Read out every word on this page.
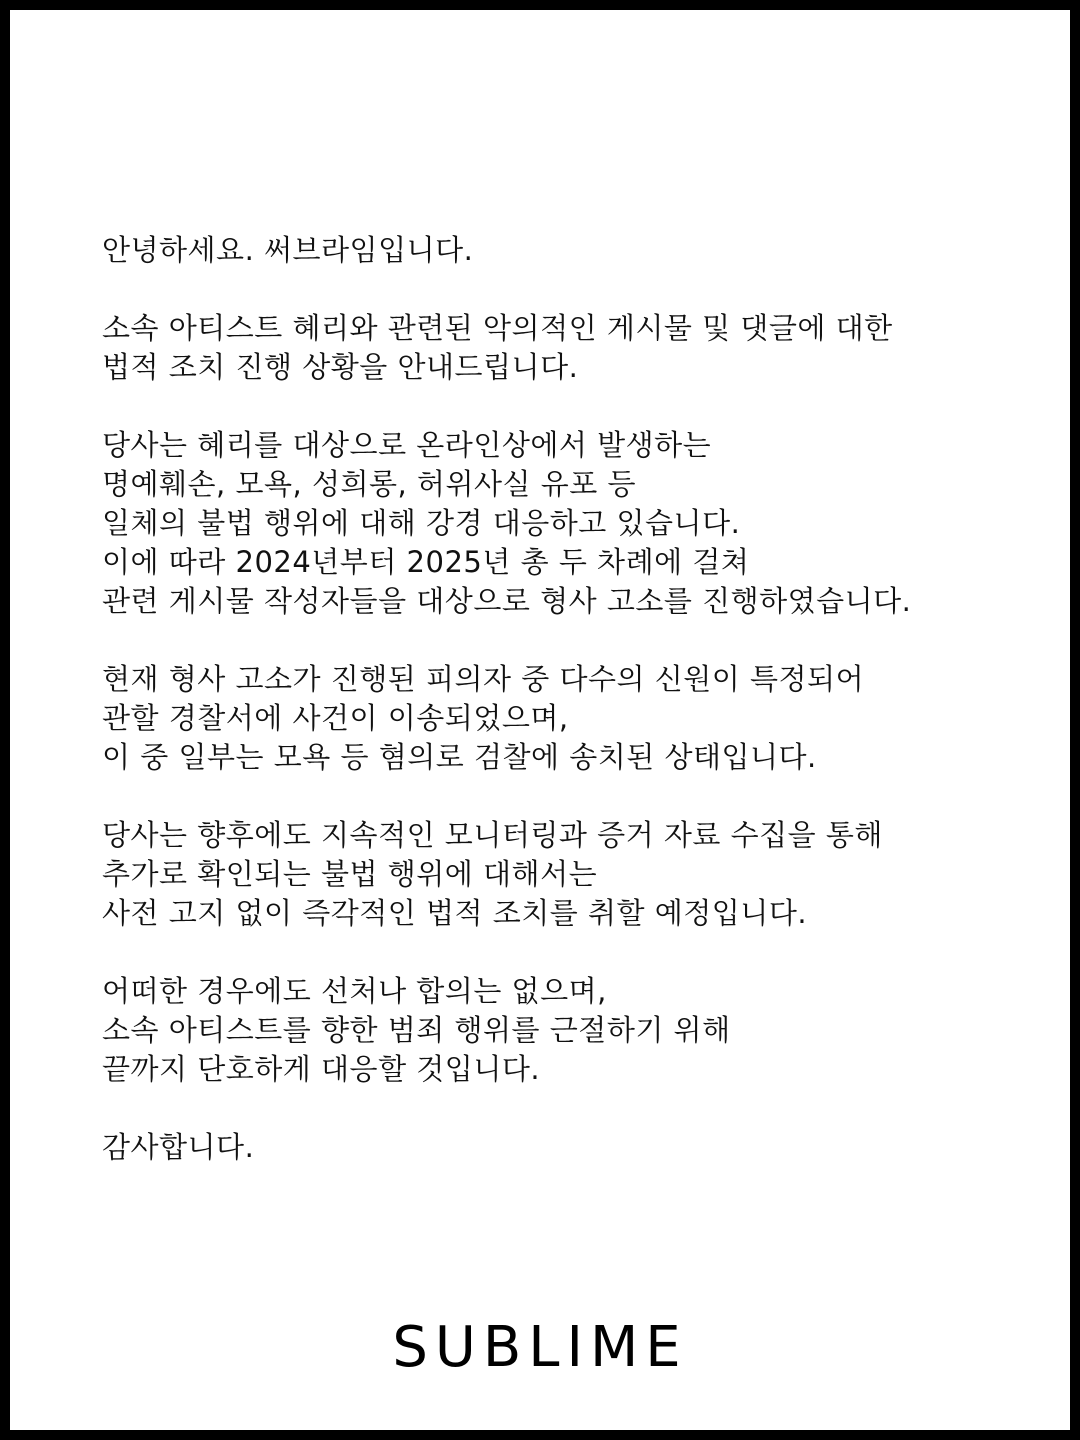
안녕하세요. 써브라임입니다.

소속 아티스트 혜리와 관련된 악의적인 게시물 및 댓글에 대한
법적 조치 진행 상황을 안내드립니다.

당사는 혜리를 대상으로 온라인상에서 발생하는
명예훼손, 모욕, 성희롱, 허위사실 유포 등
일체의 불법 행위에 대해 강경 대응하고 있습니다.
이에 따라 2024년부터 2025년 총 두 차례에 걸쳐
관련 게시물 작성자들을 대상으로 형사 고소를 진행하였습니다.

현재 형사 고소가 진행된 피의자 중 다수의 신원이 특정되어
관할 경찰서에 사건이 이송되었으며,
이 중 일부는 모욕 등 혐의로 검찰에 송치된 상태입니다.

당사는 향후에도 지속적인 모니터링과 증거 자료 수집을 통해
추가로 확인되는 불법 행위에 대해서는
사전 고지 없이 즉각적인 법적 조치를 취할 예정입니다.

어떠한 경우에도 선처나 합의는 없으며,
소속 아티스트를 향한 범죄 행위를 근절하기 위해
끝까지 단호하게 대응할 것입니다.

감사합니다.

SUBLIME
